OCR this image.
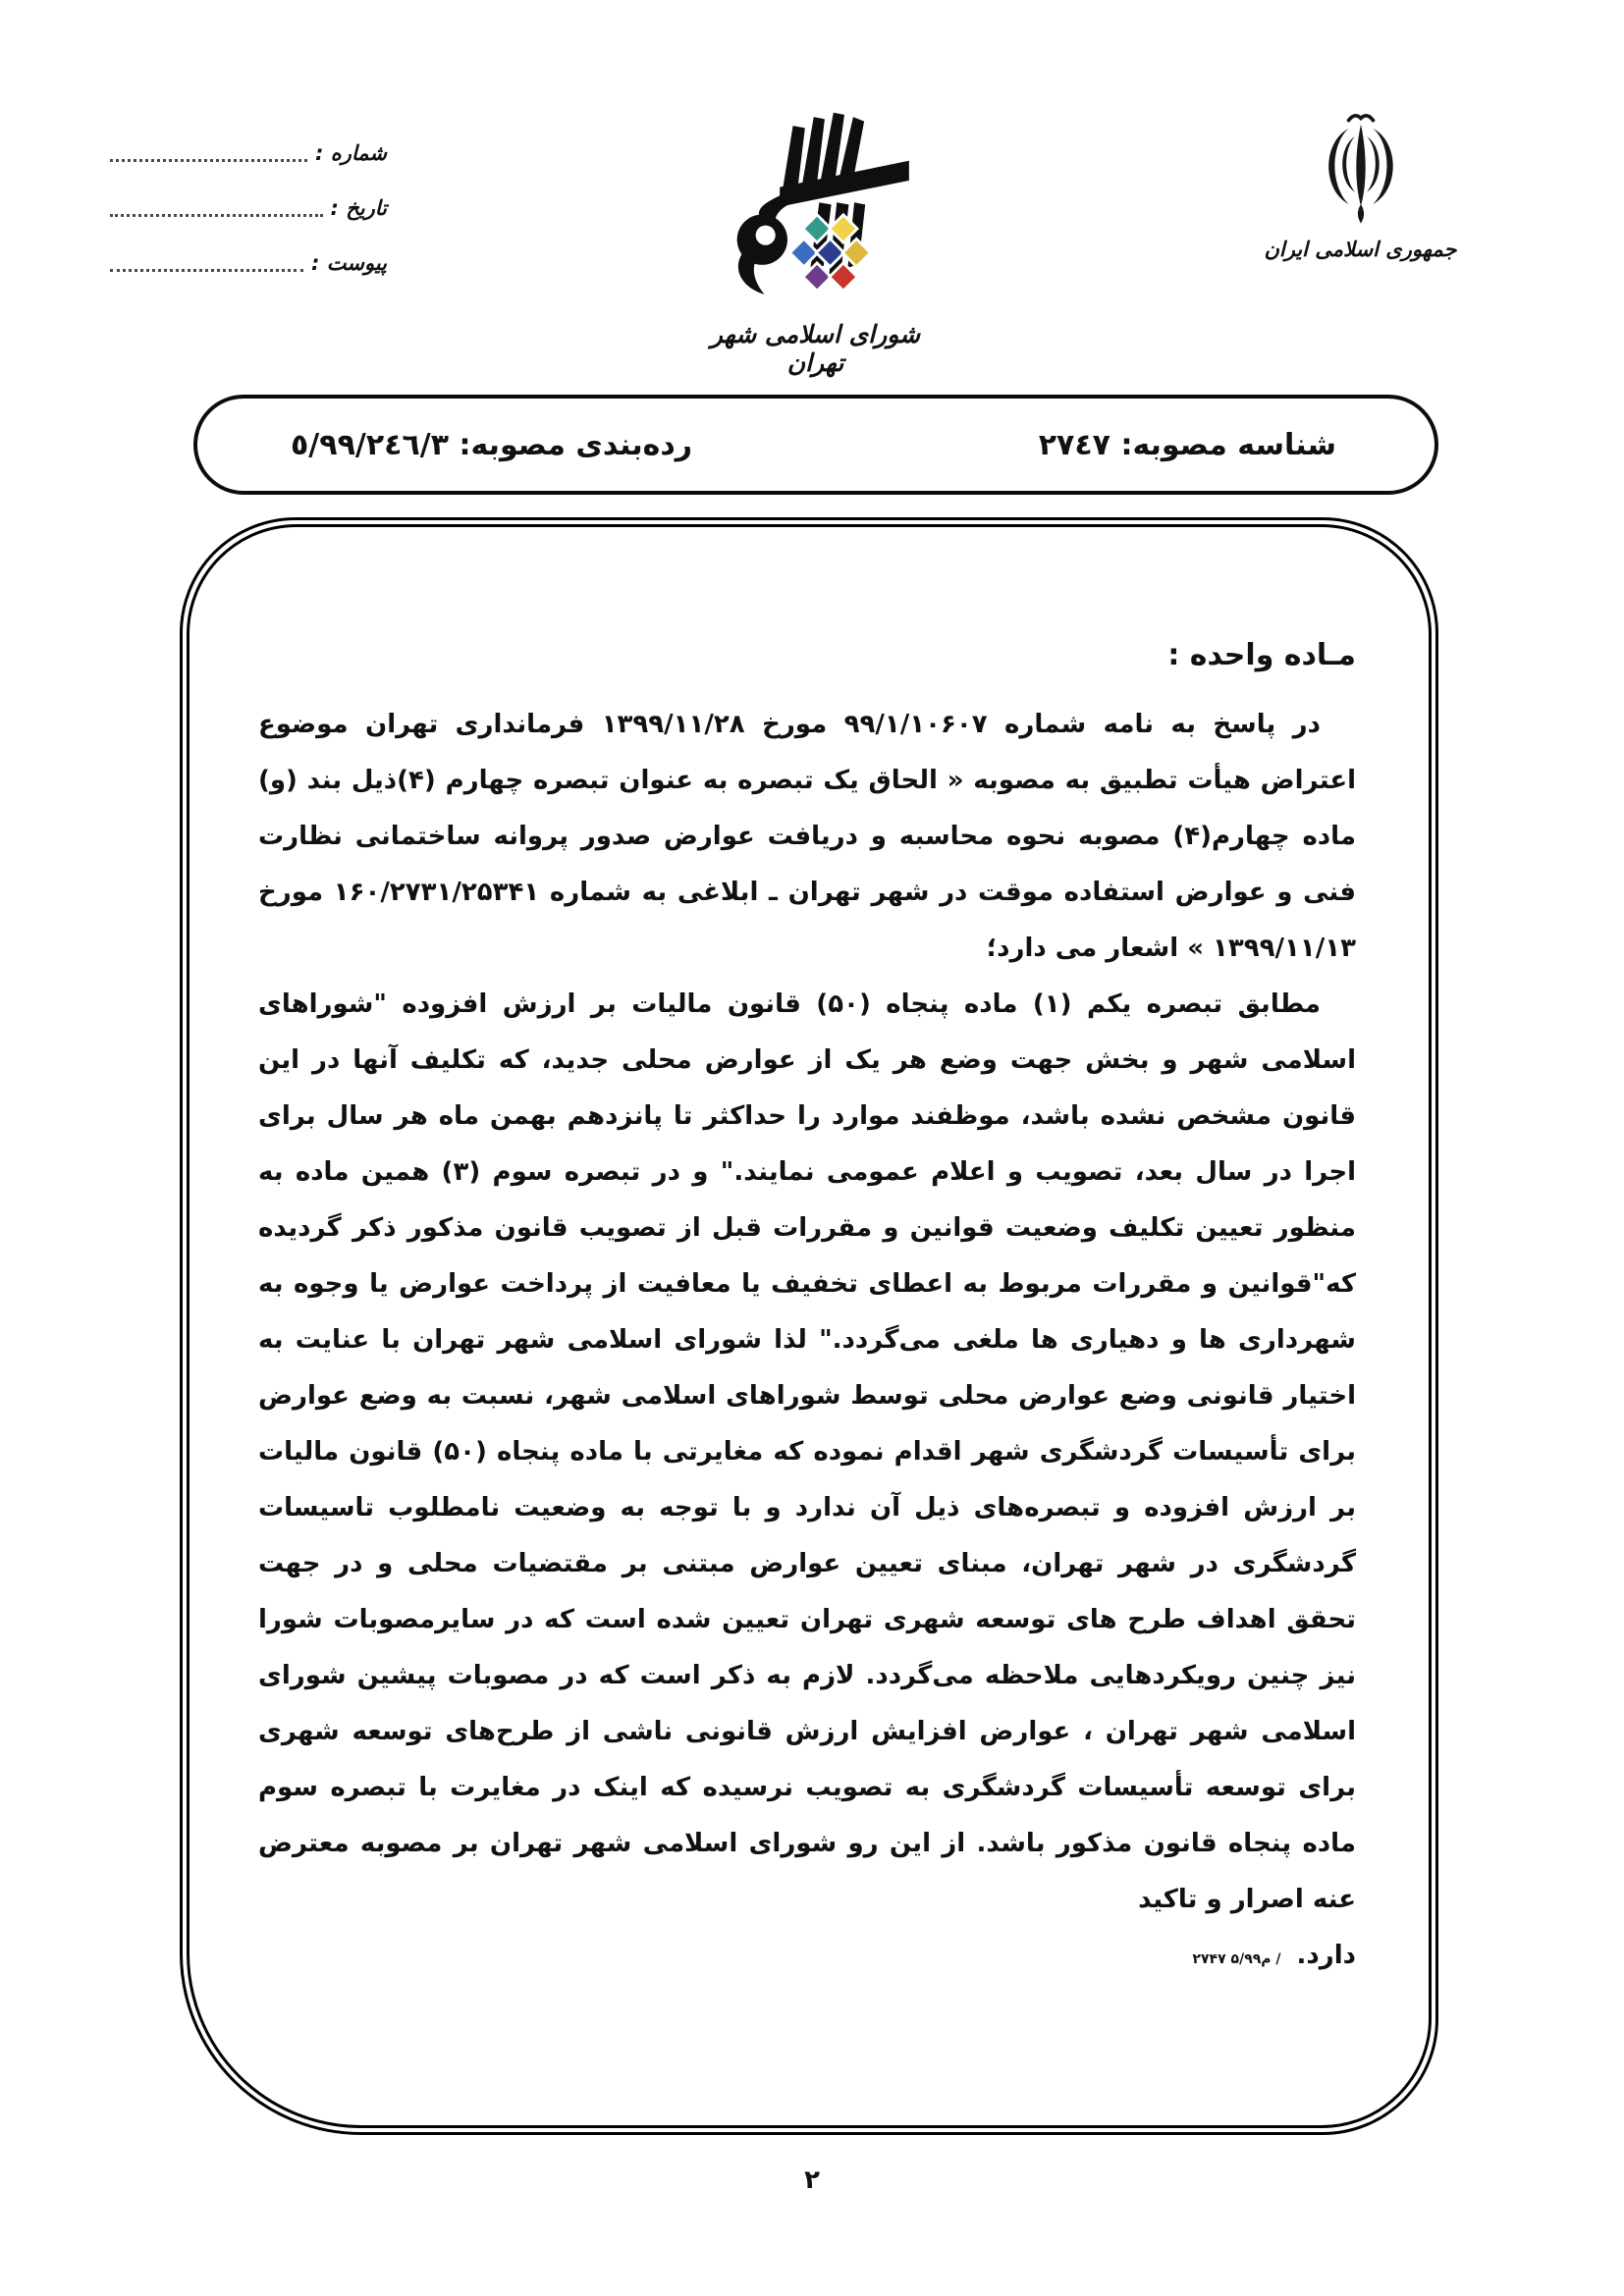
شماره :
تاریخ :
پیوست :
شورای اسلامی شهر تهران
جمهوری اسلامی ایران
شناسه مصوبه: ٢٧٤٧
رده‌بندی مصوبه: ٥/٩٩/٢٤٦/٣

مـاده واحده :

در پاسخ به نامه شماره ۹۹/۱/۱۰۶۰۷ مورخ ۱۳۹۹/۱۱/۲۸ فرمانداری تهران موضوع اعتراض هیأت تطبیق به مصوبه « الحاق یک تبصره به عنوان تبصره چهارم (۴)ذیل بند (و) ماده چهارم(۴) مصوبه نحوه محاسبه و دریافت عوارض صدور پروانه ساختمانی نظارت فنی و عوارض استفاده موقت در شهر تهران ـ ابلاغی به شماره ۱۶۰/۲۷۳۱/۲۵۳۴۱ مورخ ۱۳۹۹/۱۱/۱۳ » اشعار می دارد؛

مطابق تبصره یکم (۱) ماده پنجاه (۵۰) قانون مالیات بر ارزش افزوده "شوراهای اسلامی شهر و بخش جهت وضع هر یک از عوارض محلی جدید، که تکلیف آنها در این قانون مشخص نشده باشد، موظفند موارد را حداکثر تا پانزدهم بهمن ماه هر سال برای اجرا در سال بعد، تصویب و اعلام عمومی نمایند." و در تبصره سوم (۳) همین ماده به منظور تعیین تکلیف وضعیت قوانین و مقررات قبل از تصویب قانون مذکور ذکر گردیده که"قوانین و مقررات مربوط به اعطای تخفیف یا معافیت از پرداخت عوارض یا وجوه به شهرداری ها و دهیاری ها ملغی می‌گردد." لذا شورای اسلامی شهر تهران با عنایت به اختیار قانونی وضع عوارض محلی توسط شوراهای اسلامی شهر، نسبت به وضع عوارض برای تأسیسات گردشگری شهر اقدام نموده که مغایرتی با ماده پنجاه (۵۰) قانون مالیات بر ارزش افزوده و تبصره‌های ذیل آن ندارد و با توجه به وضعیت نامطلوب تاسیسات گردشگری در شهر تهران، مبنای تعیین عوارض مبتنی بر مقتضیات محلی و در جهت تحقق اهداف طرح های توسعه شهری تهران تعیین شده است که در سایرمصوبات شورا نیز چنین رویکردهایی ملاحظه می‌گردد. لازم به ذکر است که در مصوبات پیشین شورای اسلامی شهر تهران ، عوارض افزایش ارزش قانونی ناشی از طرح‌های توسعه شهری برای توسعه تأسیسات گردشگری به تصویب نرسیده که اینک در مغایرت با تبصره سوم ماده پنجاه قانون مذکور باشد. از این رو شورای اسلامی شهر تهران بر مصوبه معترض عنه اصرار و تاکید

دارد.
۲۷۴۷ م۵/۹۹ /
۲
